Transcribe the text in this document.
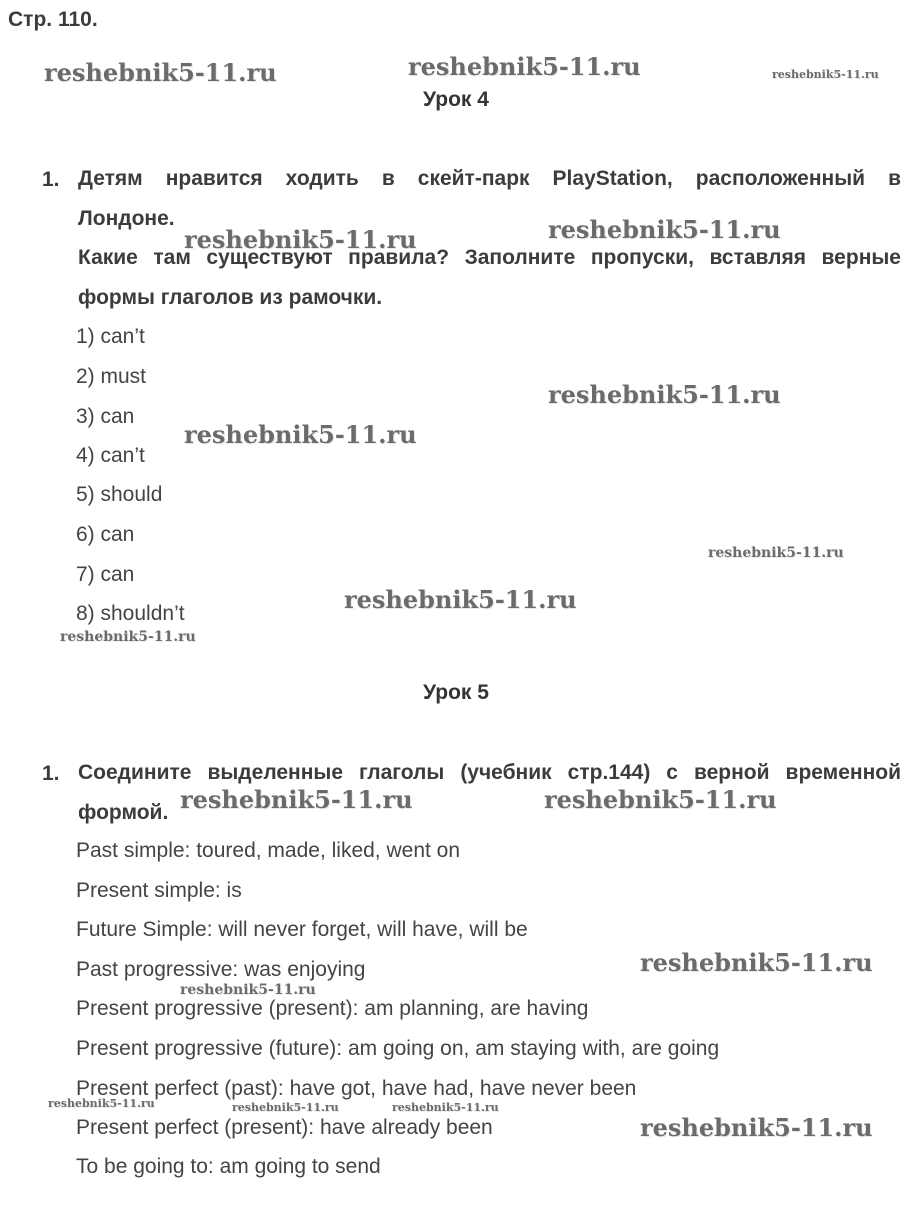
Стр. 110.
reshebnik5-11.ru	reshebnik5-11.ru	reshebnik5-11.ru
reshebnik5-11.ru	reshebnik5-11.ru
reshebnik5-11.ru
reshebnik5-11.ru
reshebnik5-11.ru
reshebnik5-11.ru
reshebnik5-11.ru
reshebnik5-11.ru	reshebnik5-11.ru
reshebnik5-11.ru
reshebnik5-11.ru
reshebnik5-11.ru	reshebnik5-11.ru	reshebnik5-11.ru
reshebnik5-11.ru
Урок 4
1. Детям нравится ходить в скейт-парк PlayStation, расположенный в
Лондоне.
Какие там существуют правила? Заполните пропуски, вставляя верные
формы глаголов из рамочки.
1) can’t
2) must
3) can
4) can’t
5) should
6) can
7) can
8) shouldn’t
Урок 5
1. Соедините выделенные глаголы (учебник стр.144) с верной временной
формой.
Past simple: toured, made, liked, went on
Present simple: is
Future Simple: will never forget, will have, will be
Past progressive: was enjoying
Present progressive (present): am planning, are having
Present progressive (future): am going on, am staying with, are going
Present perfect (past): have got, have had, have never been
Present perfect (present): have already been
To be going to: am going to send
